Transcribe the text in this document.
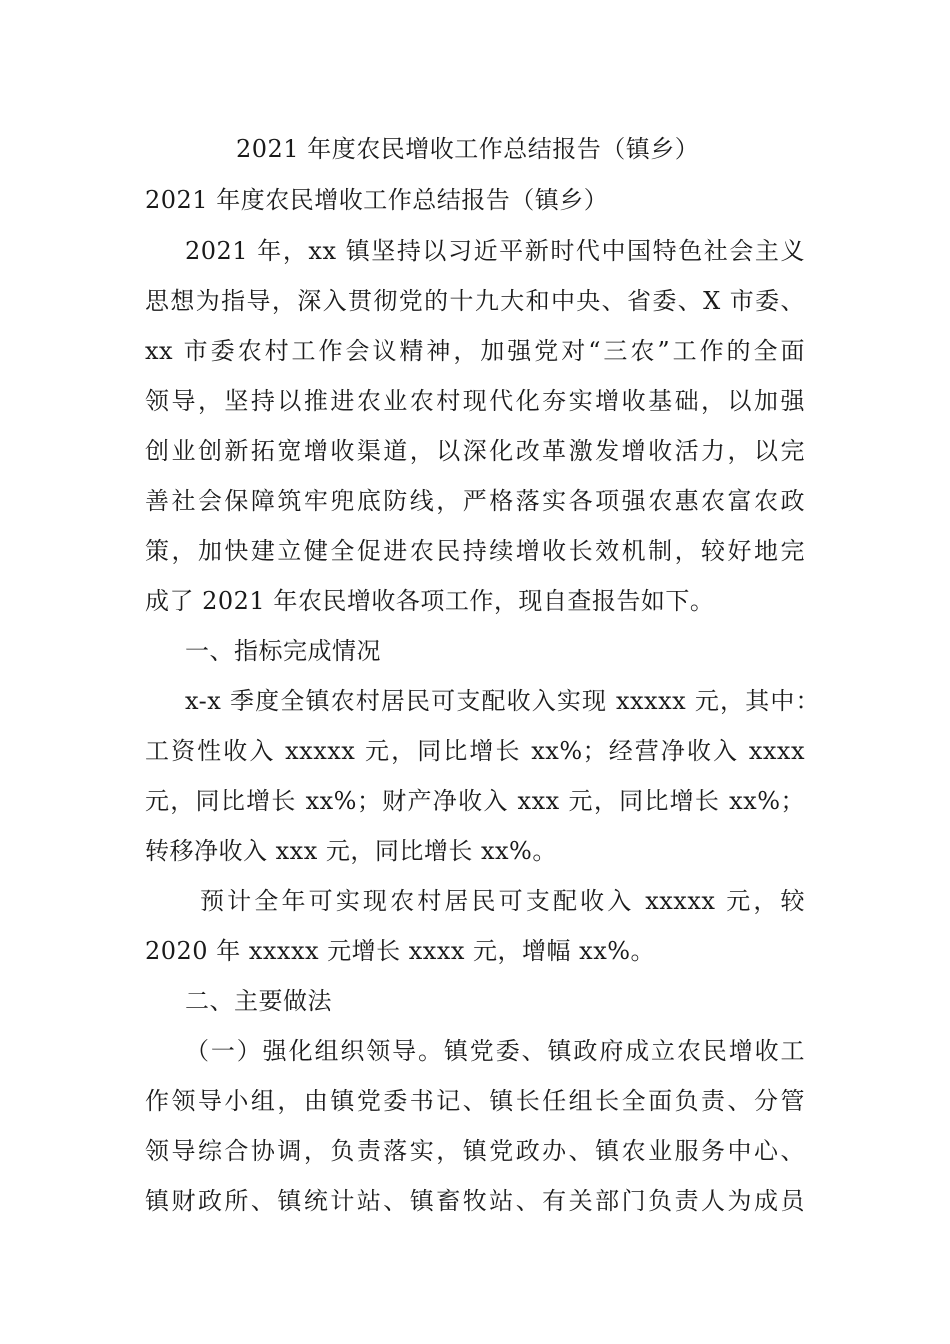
2021 年度农民增收工作总结报告（镇乡）
2021 年度农民增收工作总结报告（镇乡）
2021 年，xx 镇坚持以习近平新时代中国特色社会主义
思想为指导，深入贯彻党的十九大和中央、省委、X 市委、
xx 市委农村工作会议精神，加强党对“三农”工作的全面
领导，坚持以推进农业农村现代化夯实增收基础，以加强
创业创新拓宽增收渠道，以深化改革激发增收活力，以完
善社会保障筑牢兜底防线，严格落实各项强农惠农富农政
策，加快建立健全促进农民持续增收长效机制，较好地完
成了 2021 年农民增收各项工作，现自查报告如下。
一、指标完成情况
x-x 季度全镇农村居民可支配收入实现 xxxxx 元，其中：
工资性收入 xxxxx 元，同比增长 xx%；经营净收入 xxxx
元，同比增长 xx%；财产净收入 xxx 元，同比增长 xx%；
转移净收入 xxx 元，同比增长 xx%。
预计全年可实现农村居民可支配收入 xxxxx 元，较
2020 年 xxxxx 元增长 xxxx 元，增幅 xx%。
二、主要做法
（一）强化组织领导。镇党委、镇政府成立农民增收工
作领导小组，由镇党委书记、镇长任组长全面负责、分管
领导综合协调，负责落实，镇党政办、镇农业服务中心、
镇财政所、镇统计站、镇畜牧站、有关部门负责人为成员
